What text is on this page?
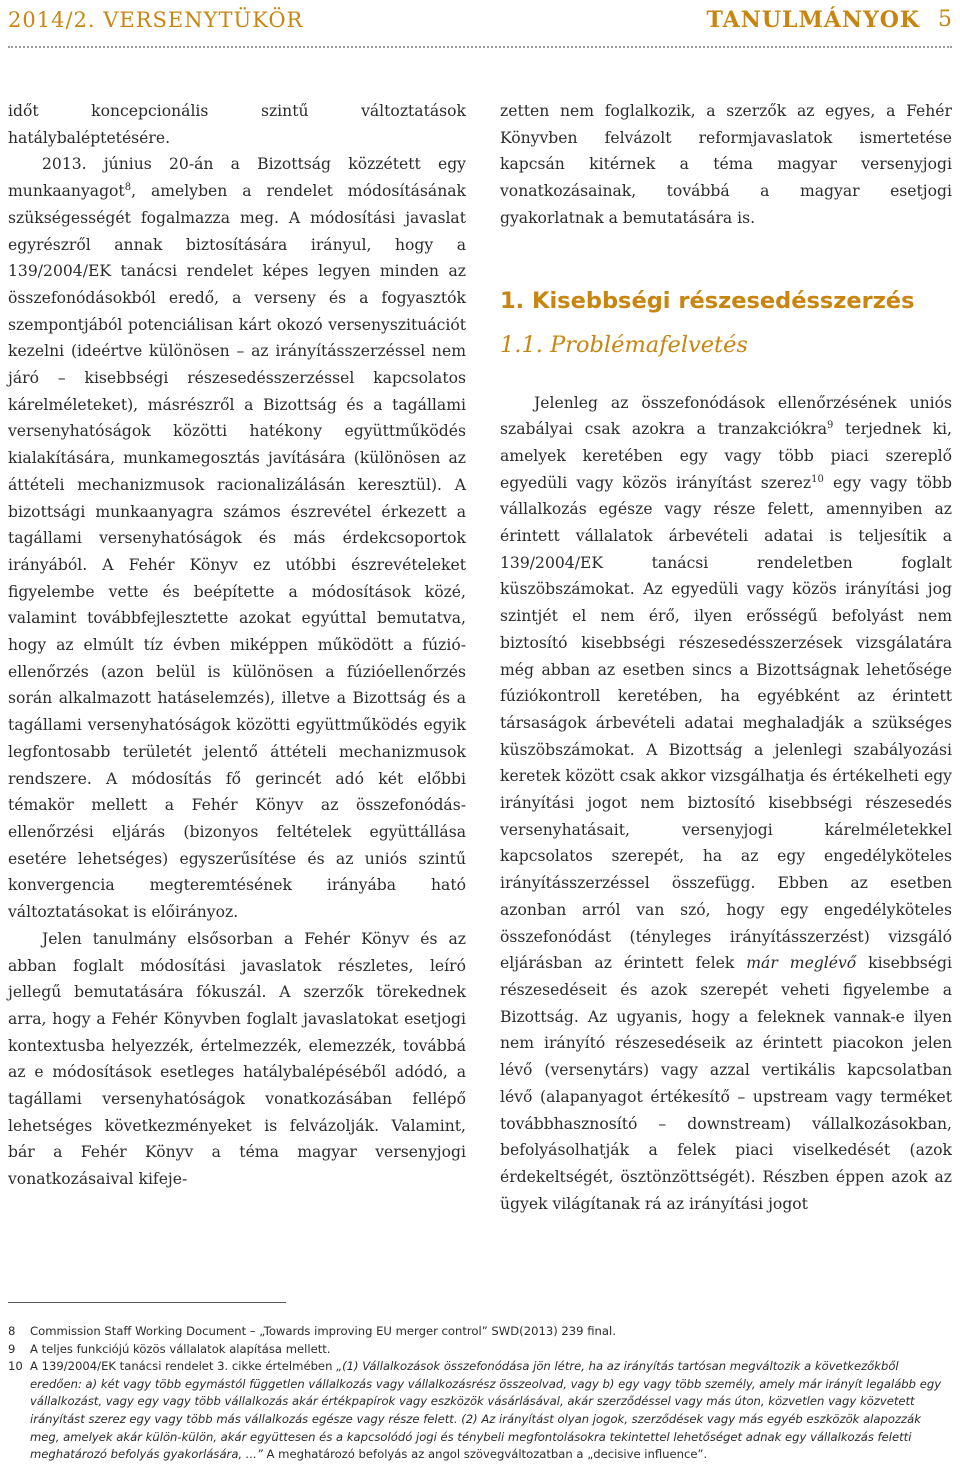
2014/2. VERSENYTÜKÖR	TANULMÁNYOK 5

időt koncepcionális szintű változtatások hatálybaléptetésére.

2013. június 20-án a Bizottság közzétett egy munkaanyagot$^8$, amelyben a rendelet módosításának szükségességét fogalmazza meg. A módosítási javaslat egyrészről annak biztosítására irányul, hogy a 139/2004/EK tanácsi rendelet képes legyen minden az összefonódásokból eredő, a verseny és a fogyasztók szempontjából potenciálisan kárt okozó versenyszituációt kezelni (ideértve különösen – az irányításszerzéssel nem járó – kisebbségi részesedésszerzéssel kapcsolatos kárelméleteket), másrészről a Bizottság és a tagállami versenyhatóságok közötti hatékony együttműködés kialakítására, munkamegosztás javítására (különösen az áttételi mechanizmusok racionalizálásán keresztül). A bizottsági munkaanyagra számos észrevétel érkezett a tagállami versenyhatóságok és más érdekcsoportok irányából. A Fehér Könyv ez utóbbi észrevételeket figyelembe vette és beépítette a módosítások közé, valamint továbbfejlesztette azokat egyúttal bemutatva, hogy az elmúlt tíz évben miképpen működött a fúzió-ellenőrzés (azon belül is különösen a fúzióellenőrzés során alkalmazott hatáselemzés), illetve a Bizottság és a tagállami versenyhatóságok közötti együttműködés egyik legfontosabb területét jelentő áttételi mechanizmusok rendszere. A módosítás fő gerincét adó két előbbi témakör mellett a Fehér Könyv az összefonódás-ellenőrzési eljárás (bizonyos feltételek együttállása esetére lehetséges) egyszerűsítése és az uniós szintű konvergencia megteremtésének irányába ható változtatásokat is előirányoz.

Jelen tanulmány elsősorban a Fehér Könyv és az abban foglalt módosítási javaslatok részletes, leíró jellegű bemutatására fókuszál. A szerzők törekednek arra, hogy a Fehér Könyvben foglalt javaslatokat esetjogi kontextusba helyezzék, értelmezzék, elemezzék, továbbá az e módosítások esetleges hatálybalépéséből adódó, a tagállami versenyhatóságok vonatkozásában fellépő lehetséges következményeket is felvázolják. Valamint, bár a Fehér Könyv a téma magyar versenyjogi vonatkozásaival kifeje-

zetten nem foglalkozik, a szerzők az egyes, a Fehér Könyvben felvázolt reformjavaslatok ismertetése kapcsán kitérnek a téma magyar versenyjogi vonatkozásainak, továbbá a magyar esetjogi gyakorlatnak a bemutatására is.

1. Kisebbségi részesedésszerzés
1.1. Problémafelvetés

Jelenleg az összefonódások ellenőrzésének uniós szabályai csak azokra a tranzakciókra$^9$ terjednek ki, amelyek keretében egy vagy több piaci szereplő egyedüli vagy közös irányítást szerez$^{10}$ egy vagy több vállalkozás egésze vagy része felett, amennyiben az érintett vállalatok árbevételi adatai is teljesítik a 139/2004/EK tanácsi rendeletben foglalt küszöbszámokat. Az egyedüli vagy közös irányítási jog szintjét el nem érő, ilyen erősségű befolyást nem biztosító kisebbségi részesedésszerzések vizsgálatára még abban az esetben sincs a Bizottságnak lehetősége fúziókontroll keretében, ha egyébként az érintett társaságok árbevételi adatai meghaladják a szükséges küszöbszámokat. A Bizottság a jelenlegi szabályozási keretek között csak akkor vizsgálhatja és értékelheti egy irányítási jogot nem biztosító kisebbségi részesedés versenyhatásait, versenyjogi kárelméletekkel kapcsolatos szerepét, ha az egy engedélyköteles irányításszerzéssel összefügg. Ebben az esetben azonban arról van szó, hogy egy engedélyköteles összefonódást (tényleges irányításszerzést) vizsgáló eljárásban az érintett felek már meglévő kisebbségi részesedéseit és azok szerepét veheti figyelembe a Bizottság. Az ugyanis, hogy a feleknek vannak-e ilyen nem irányító részesedéseik az érintett piacokon jelen lévő (versenytárs) vagy azzal vertikális kapcsolatban lévő (alapanyagot értékesítő – upstream vagy terméket továbbhasznosító – downstream) vállalkozásokban, befolyásolhatják a felek piaci viselkedését (azok érdekeltségét, ösztönzöttségét). Részben éppen azok az ügyek világítanak rá az irányítási jogot

8	Commission Staff Working Document – „Towards improving EU merger control” SWD(2013) 239 final.
9	A teljes funkciójú közös vállalatok alapítása mellett.
10 A 139/2004/EK tanácsi rendelet 3. cikke értelmében „(1) Vállalkozások összefonódása jön létre, ha az irányítás tartósan megváltozik a következőkből eredően: a) két vagy több egymástól független vállalkozás vagy vállalkozásrész összeolvad, vagy b) egy vagy több személy, amely már irányít legalább egy vállalkozást, vagy egy vagy több vállalkozás akár értékpapírok vagy eszközök vásárlásával, akár szerződéssel vagy más úton, közvetlen vagy közvetett irányítást szerez egy vagy több más vállalkozás egésze vagy része felett. (2) Az irányítást olyan jogok, szerződések vagy más egyéb eszközök alapozzák meg, amelyek akár külön-külön, akár együttesen és a kapcsolódó jogi és ténybeli megfontolásokra tekintettel lehetőséget adnak egy vállalkozás feletti meghatározó befolyás gyakorlására, ...” A meghatározó befolyás az angol szövegváltozatban a „decisive influence”.
